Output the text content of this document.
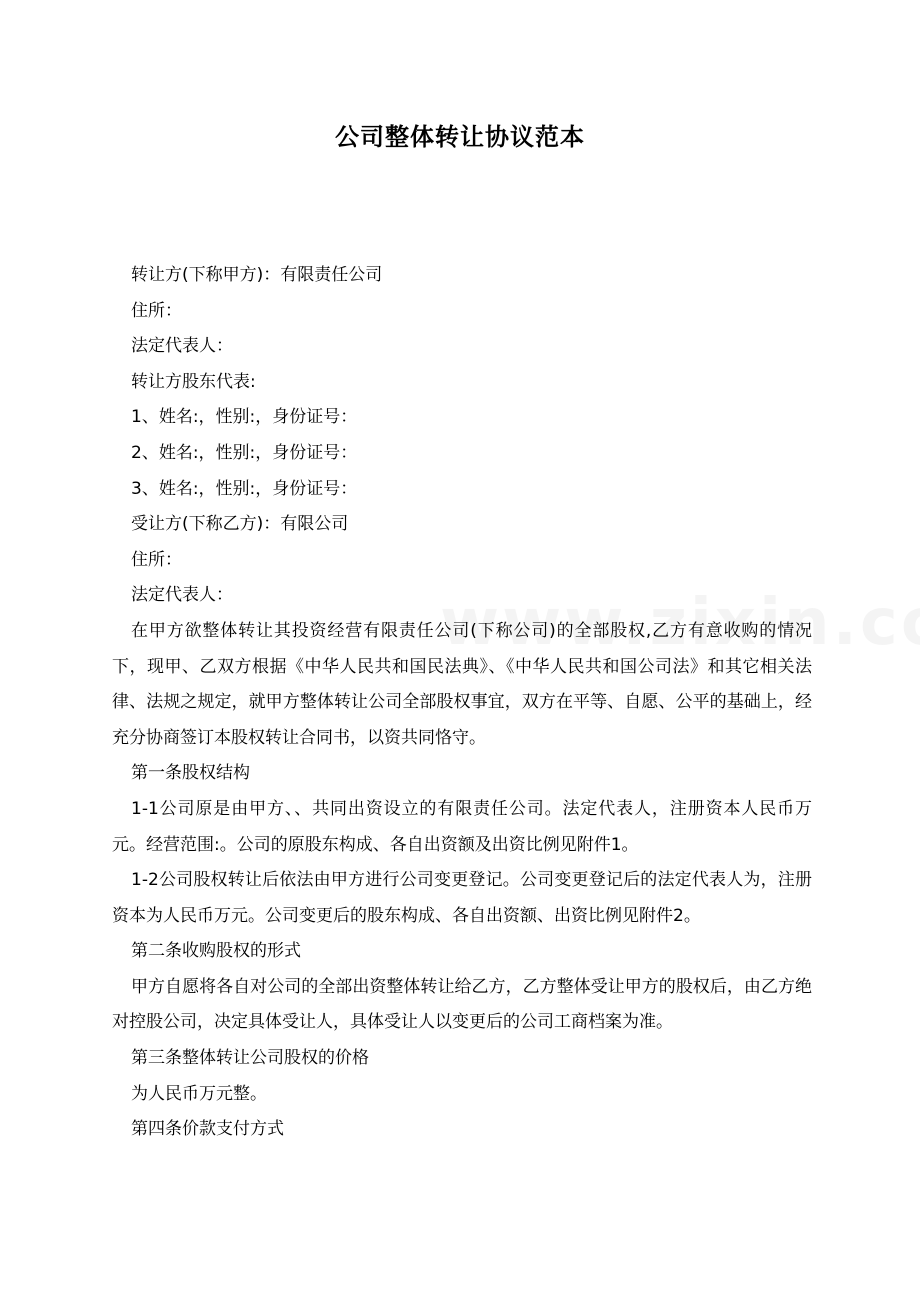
公司整体转让协议范本

转让方(下称甲方)：有限责任公司

住所：

法定代表人：

转让方股东代表:

1、姓名:，性别:，身份证号：

2、姓名:，性别:，身份证号：

3、姓名:，性别:，身份证号：

受让方(下称乙方)：有限公司

住所：

法定代表人：

在甲方欲整体转让其投资经营有限责任公司(下称公司)的全部股权,乙方有意收购的情况下，现甲、乙双方根据《中华人民共和国民法典》、《中华人民共和国公司法》和其它相关法律、法规之规定，就甲方整体转让公司全部股权事宜，双方在平等、自愿、公平的基础上，经充分协商签订本股权转让合同书，以资共同恪守。

第一条股权结构

1-1公司原是由甲方、、共同出资设立的有限责任公司。法定代表人，注册资本人民币万元。经营范围:。公司的原股东构成、各自出资额及出资比例见附件1。

1-2公司股权转让后依法由甲方进行公司变更登记。公司变更登记后的法定代表人为，注册资本为人民币万元。公司变更后的股东构成、各自出资额、出资比例见附件2。

第二条收购股权的形式

甲方自愿将各自对公司的全部出资整体转让给乙方，乙方整体受让甲方的股权后，由乙方绝对控股公司，决定具体受让人，具体受让人以变更后的公司工商档案为准。

第三条整体转让公司股权的价格

为人民币万元整。

第四条价款支付方式
